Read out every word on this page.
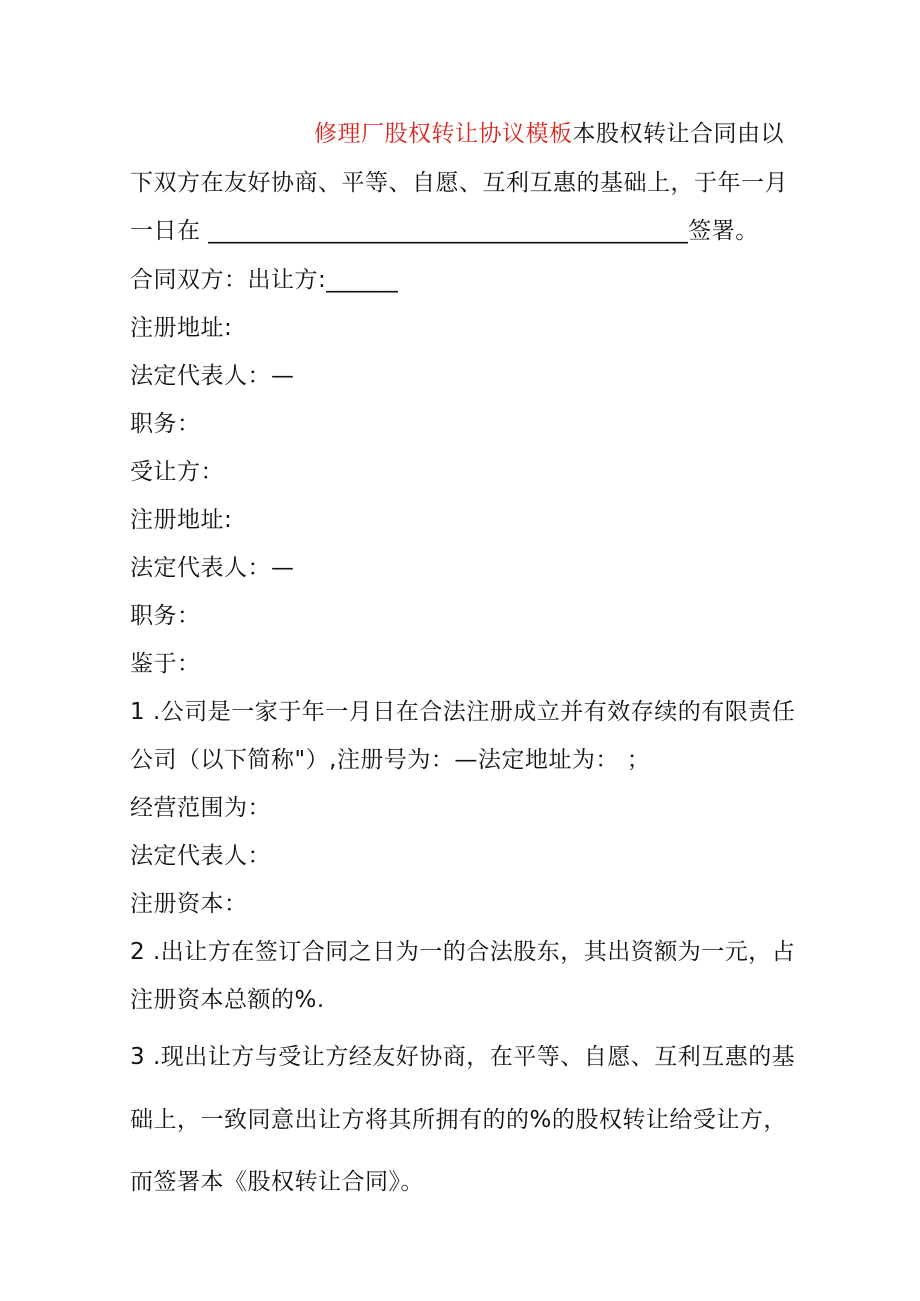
修理厂股权转让协议模板本股权转让合同由以
下双方在友好协商、平等、自愿、互利互惠的基础上，于年一月
一日在 ________________________________________签署。
合同双方：出让方:______
注册地址:
法定代表人：—
职务：
受让方：
注册地址:
法定代表人：—
职务：
鉴于：
1 .公司是一家于年一月日在合法注册成立并有效存续的有限责任
公司（以下简称"）,注册号为：—法定地址为： ；
经营范围为：
法定代表人：
注册资本：
2 .出让方在签订合同之日为一的合法股东，其出资额为一元，占
注册资本总额的%.
3 .现出让方与受让方经友好协商，在平等、自愿、互利互惠的基
础上，一致同意出让方将其所拥有的的%的股权转让给受让方，
而签署本《股权转让合同》。
